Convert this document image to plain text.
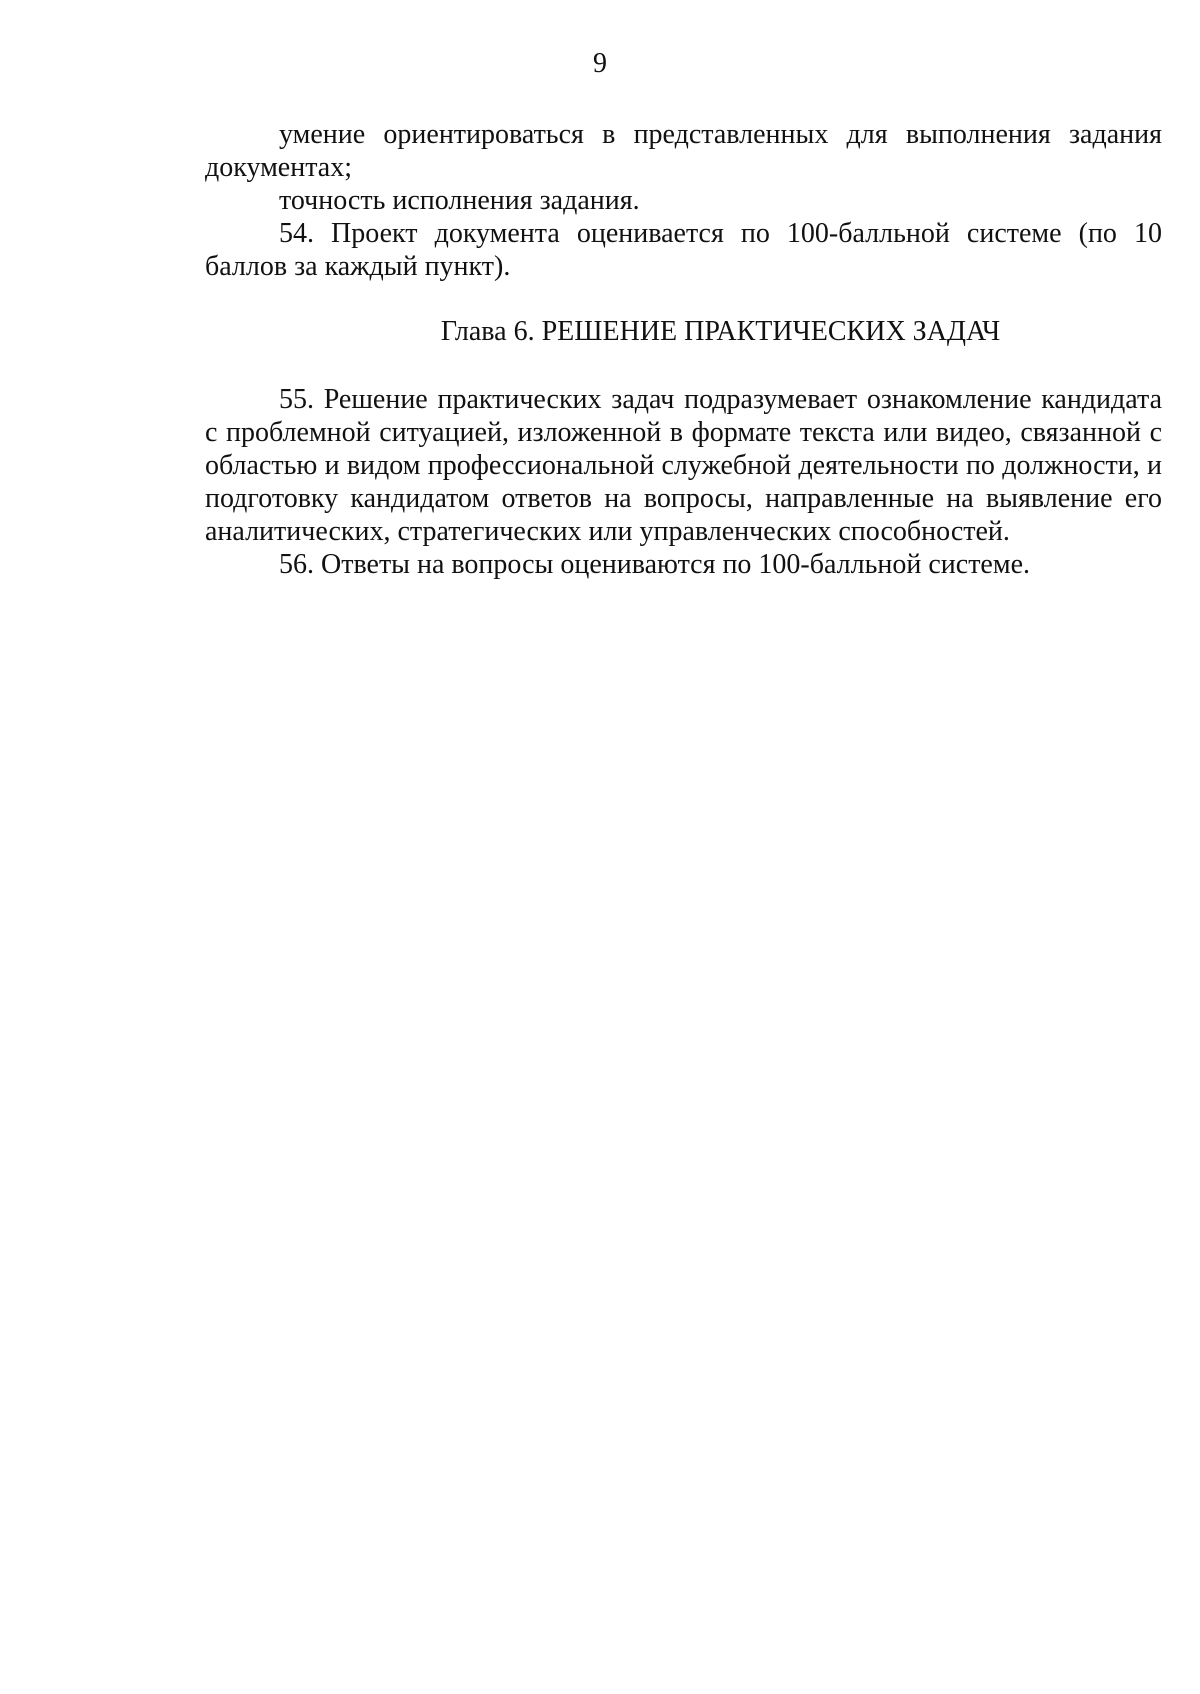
9

умение ориентироваться в представленных для выполнения задания документах;

точность исполнения задания.

54. Проект документа оценивается по 100-балльной системе (по 10 баллов за каждый пункт).

Глава 6. РЕШЕНИЕ ПРАКТИЧЕСКИХ ЗАДАЧ

55. Решение практических задач подразумевает ознакомление кандидата с проблемной ситуацией, изложенной в формате текста или видео, связанной с областью и видом профессиональной служебной деятельности по должности, и подготовку кандидатом ответов на вопросы, направленные на выявление его аналитических, стратегических или управленческих способностей.

56. Ответы на вопросы оцениваются по 100-балльной системе.
